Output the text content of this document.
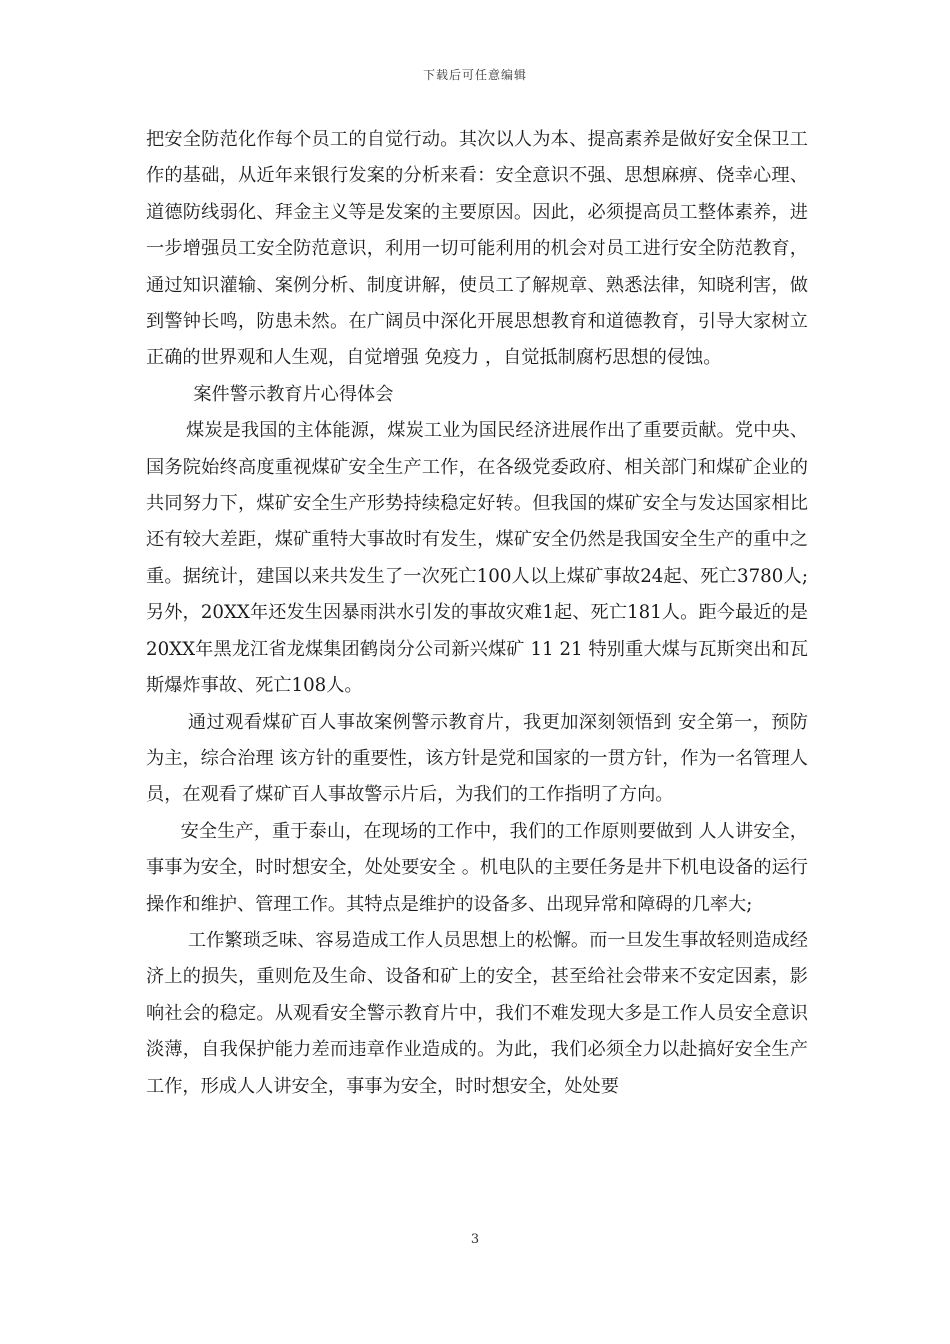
下载后可任意编辑

把安全防范化作每个员工的自觉行动。其次以人为本、提高素养是做好安全保卫工作的基础，从近年来银行发案的分析来看：安全意识不强、思想麻痹、侥幸心理、道德防线弱化、拜金主义等是发案的主要原因。因此，必须提高员工整体素养，进一步增强员工安全防范意识，利用一切可能利用的机会对员工进行安全防范教育，通过知识灌输、案例分析、制度讲解，使员工了解规章、熟悉法律，知晓利害，做到警钟长鸣，防患未然。在广阔员中深化开展思想教育和道德教育，引导大家树立正确的世界观和人生观，自觉增强 免疫力 ，自觉抵制腐朽思想的侵蚀。

案件警示教育片心得体会

煤炭是我国的主体能源，煤炭工业为国民经济进展作出了重要贡献。党中央、国务院始终高度重视煤矿安全生产工作，在各级党委政府、相关部门和煤矿企业的共同努力下，煤矿安全生产形势持续稳定好转。但我国的煤矿安全与发达国家相比还有较大差距，煤矿重特大事故时有发生，煤矿安全仍然是我国安全生产的重中之重。据统计，建国以来共发生了一次死亡100人以上煤矿事故24起、死亡3780人;另外，20XX年还发生因暴雨洪水引发的事故灾难1起、死亡181人。距今最近的是20XX年黑龙江省龙煤集团鹤岗分公司新兴煤矿 11 21 特别重大煤与瓦斯突出和瓦斯爆炸事故、死亡108人。

通过观看煤矿百人事故案例警示教育片，我更加深刻领悟到 安全第一，预防为主，综合治理 该方针的重要性，该方针是党和国家的一贯方针，作为一名管理人员，在观看了煤矿百人事故警示片后，为我们的工作指明了方向。

安全生产，重于泰山，在现场的工作中，我们的工作原则要做到 人人讲安全，事事为安全，时时想安全，处处要安全 。机电队的主要任务是井下机电设备的运行操作和维护、管理工作。其特点是维护的设备多、出现异常和障碍的几率大;

工作繁琐乏味、容易造成工作人员思想上的松懈。而一旦发生事故轻则造成经济上的损失，重则危及生命、设备和矿上的安全，甚至给社会带来不安定因素，影响社会的稳定。从观看安全警示教育片中，我们不难发现大多是工作人员安全意识淡薄，自我保护能力差而违章作业造成的。为此，我们必须全力以赴搞好安全生产工作，形成人人讲安全，事事为安全，时时想安全，处处要

3
